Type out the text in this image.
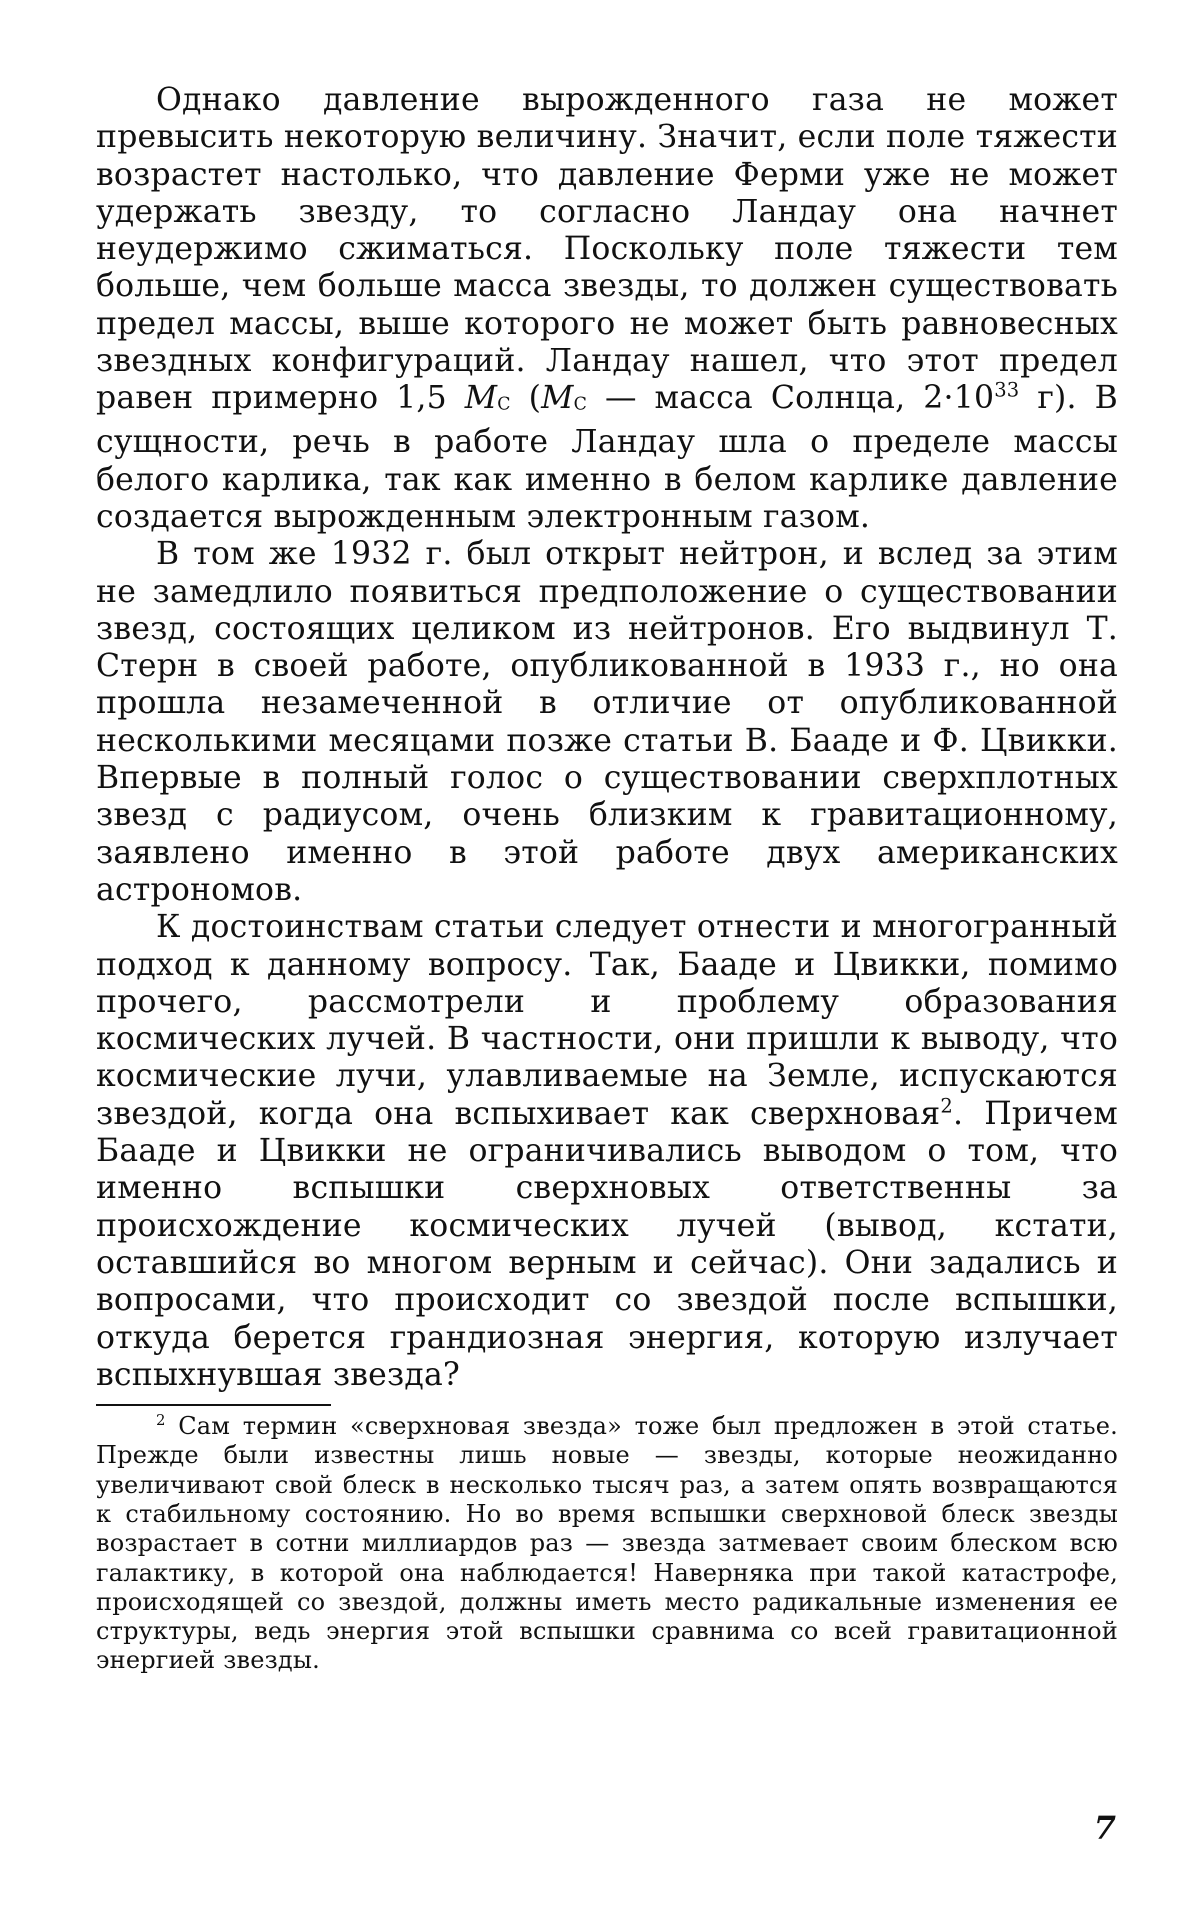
Однако давление вырожденного газа не может превысить некоторую величину. Значит, если поле тяжести возрастет настолько, что давление Ферми уже не может удержать звезду, то согласно Ландау она начнет неудержимо сжиматься. Поскольку поле тяжести тем больше, чем больше масса звезды, то должен существовать предел массы, выше которого не может быть равновесных звездных конфигураций. Ландау нашел, что этот предел равен примерно 1,5 MC (MC — масса Солнца, $2\cdot 10^{33}$ г). В сущности, речь в работе Ландау шла о пределе массы белого карлика, так как именно в белом карлике давление создается вырожденным электронным газом.

В том же 1932 г. был открыт нейтрон, и вслед за этим не замедлило появиться предположение о существовании звезд, состоящих целиком из нейтронов. Его выдвинул Т. Стерн в своей работе, опубликованной в 1933 г., но она прошла незамеченной в отличие от опубликованной несколькими месяцами позже статьи В. Бааде и Ф. Цвикки. Впервые в полный голос о существовании сверхплотных звезд с радиусом, очень близким к гравитационному, заявлено именно в этой работе двух американских астрономов.

К достоинствам статьи следует отнести и многогранный подход к данному вопросу. Так, Бааде и Цвикки, помимо прочего, рассмотрели и проблему образования космических лучей. В частности, они пришли к выводу, что космические лучи, улавливаемые на Земле, испускаются звездой, когда она вспыхивает как сверхновая$^2$. Причем Бааде и Цвикки не ограничивались выводом о том, что именно вспышки сверхновых ответственны за происхождение космических лучей (вывод, кстати, оставшийся во многом верным и сейчас). Они задались и вопросами, что происходит со звездой после вспышки, откуда берется грандиозная энергия, которую излучает вспыхнувшая звезда?

$^2$ Сам термин «сверхновая звезда» тоже был предложен в этой статье. Прежде были известны лишь новые — звезды, которые неожиданно увеличивают свой блеск в несколько тысяч раз, а затем опять возвращаются к стабильному состоянию. Но во время вспышки сверхновой блеск звезды возрастает в сотни миллиардов раз — звезда затмевает своим блеском всю галактику, в которой она наблюдается! Наверняка при такой катастрофе, происходящей со звездой, должны иметь место радикальные изменения ее структуры, ведь энергия этой вспышки сравнима со всей гравитационной энергией звезды.

7
